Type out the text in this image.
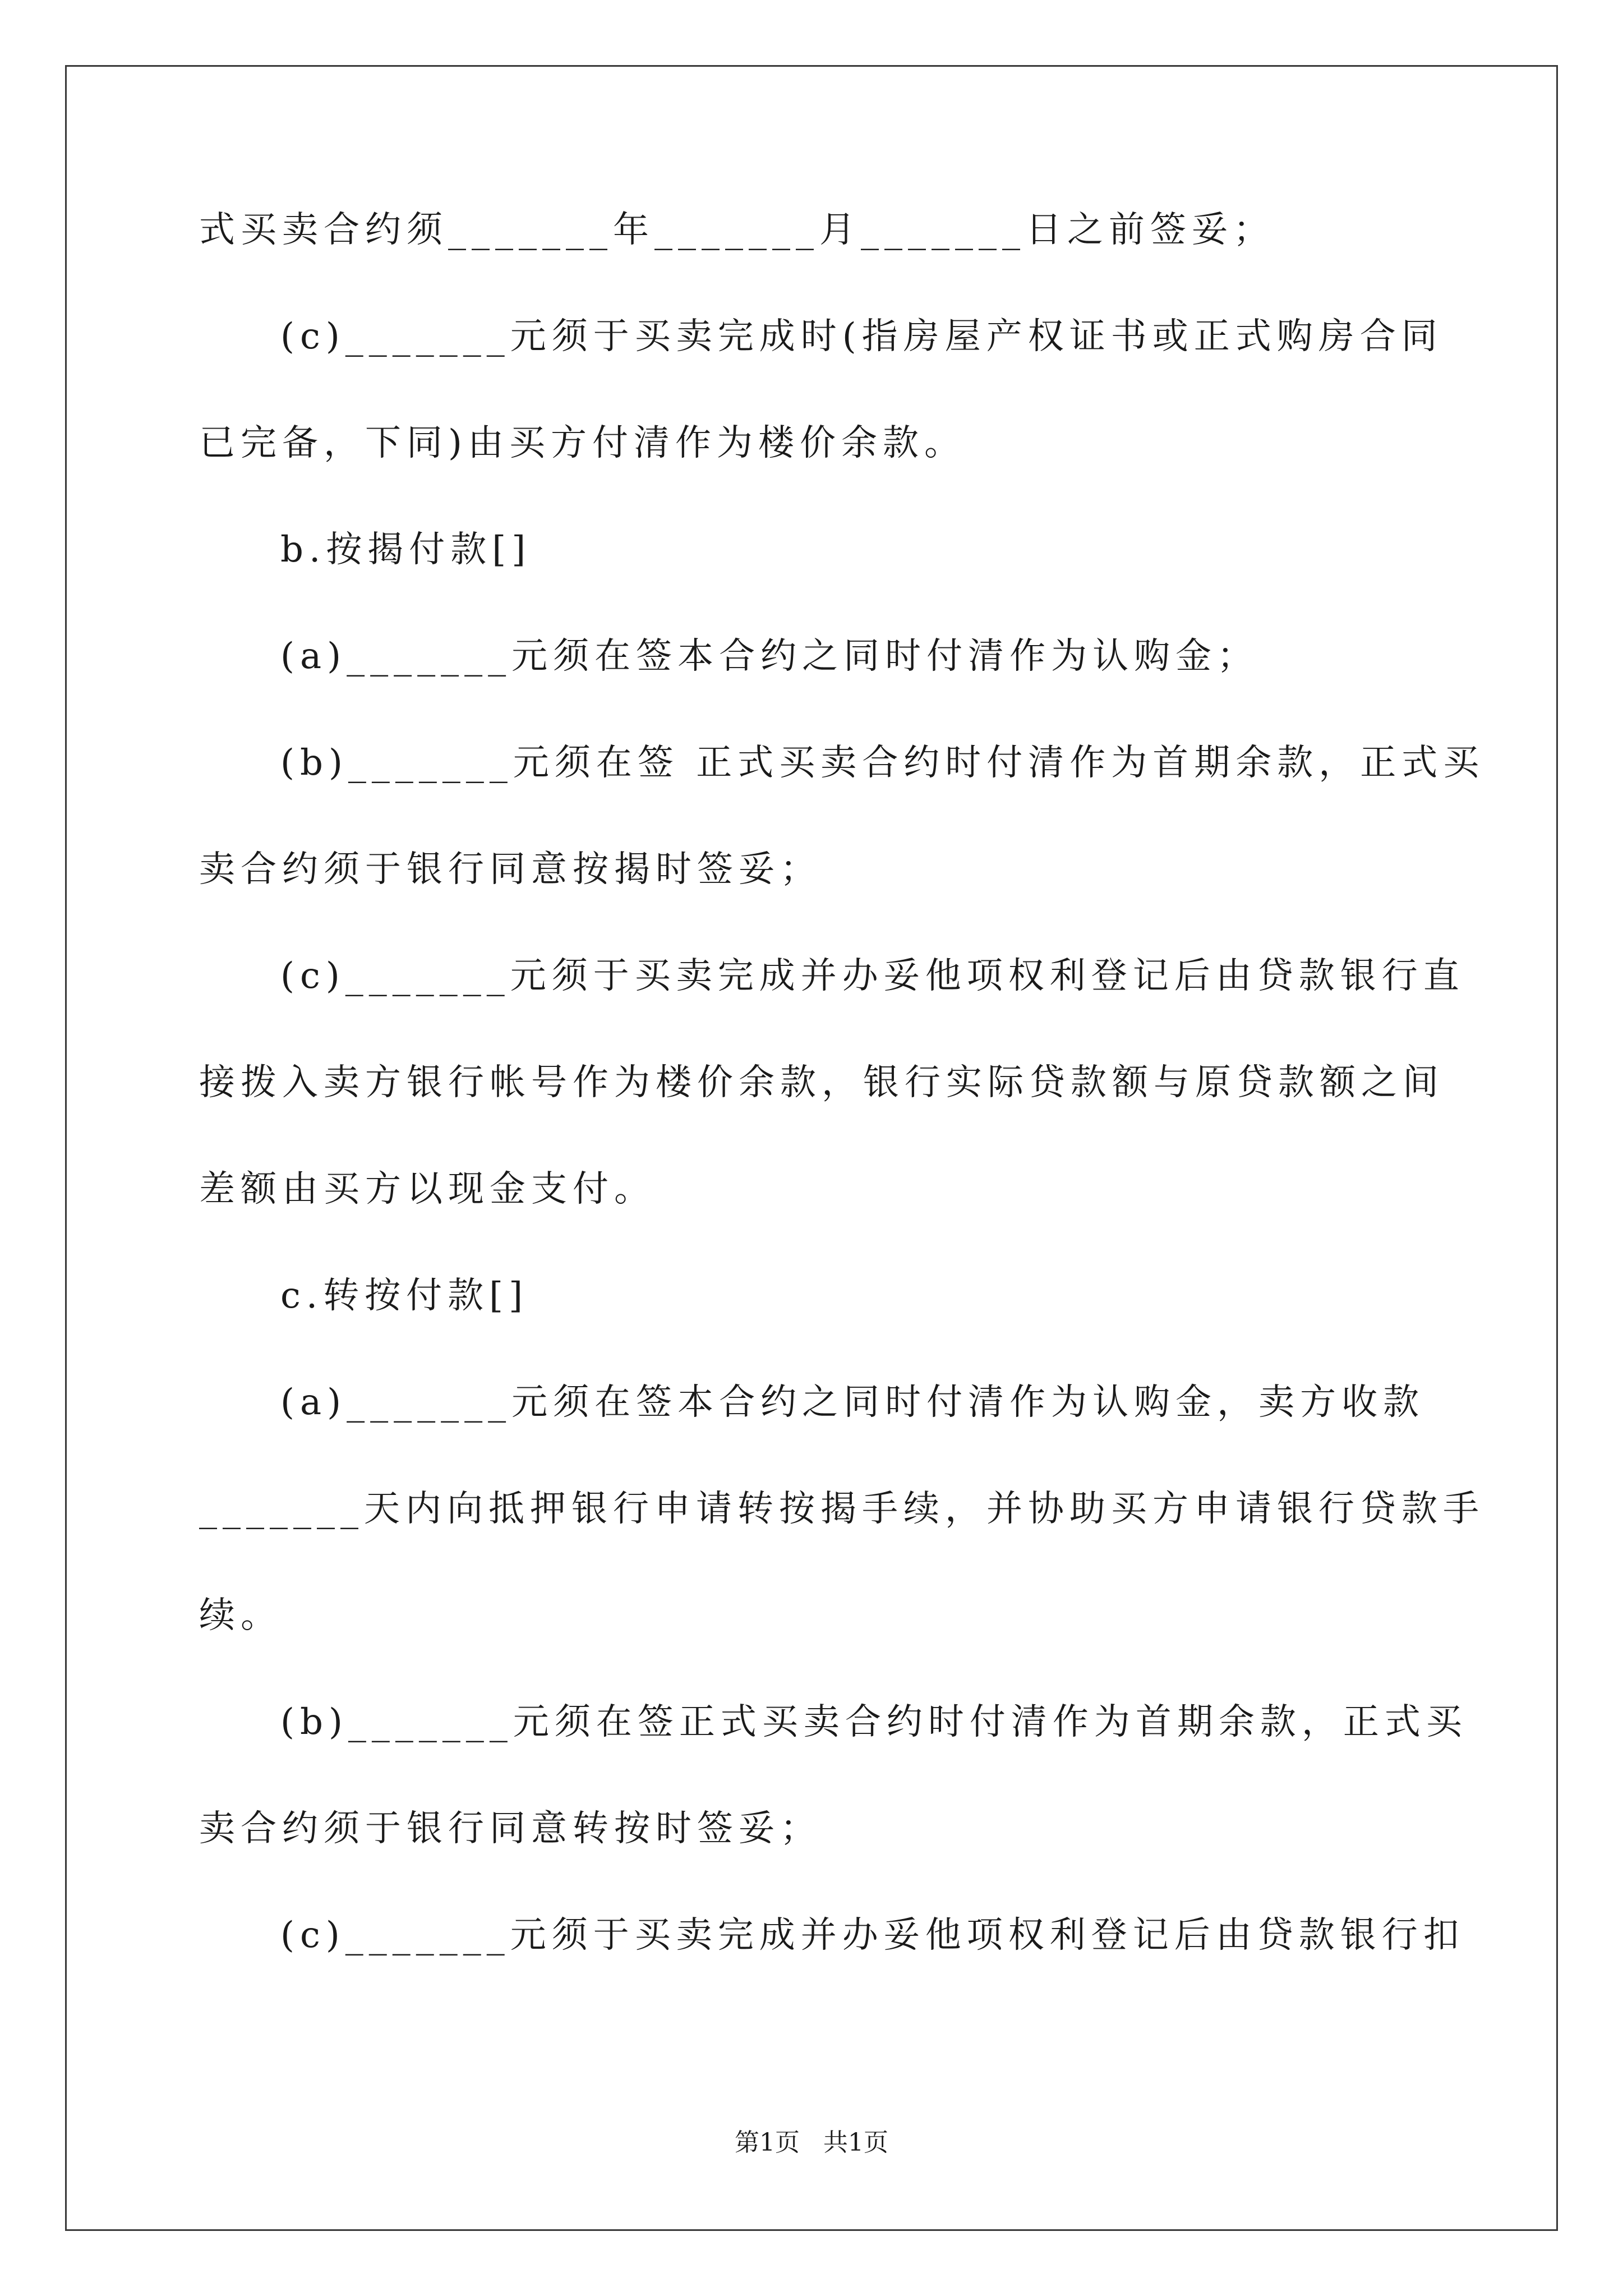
式买卖合约须_______年_______月_______日之前签妥；
(c)_______元须于买卖完成时(指房屋产权证书或正式购房合同
已完备，下同)由买方付清作为楼价余款。
b.按揭付款[]
(a)_______元须在签本合约之同时付清作为认购金；
(b)_______元须在签 正式买卖合约时付清作为首期余款，正式买
卖合约须于银行同意按揭时签妥；
(c)_______元须于买卖完成并办妥他项权利登记后由贷款银行直
接拨入卖方银行帐号作为楼价余款，银行实际贷款额与原贷款额之间
差额由买方以现金支付。
c.转按付款[]
(a)_______元须在签本合约之同时付清作为认购金，卖方收款
_______天内向抵押银行申请转按揭手续，并协助买方申请银行贷款手
续。
(b)_______元须在签正式买卖合约时付清作为首期余款，正式买
卖合约须于银行同意转按时签妥；
(c)_______元须于买卖完成并办妥他项权利登记后由贷款银行扣
第1页   共1页
